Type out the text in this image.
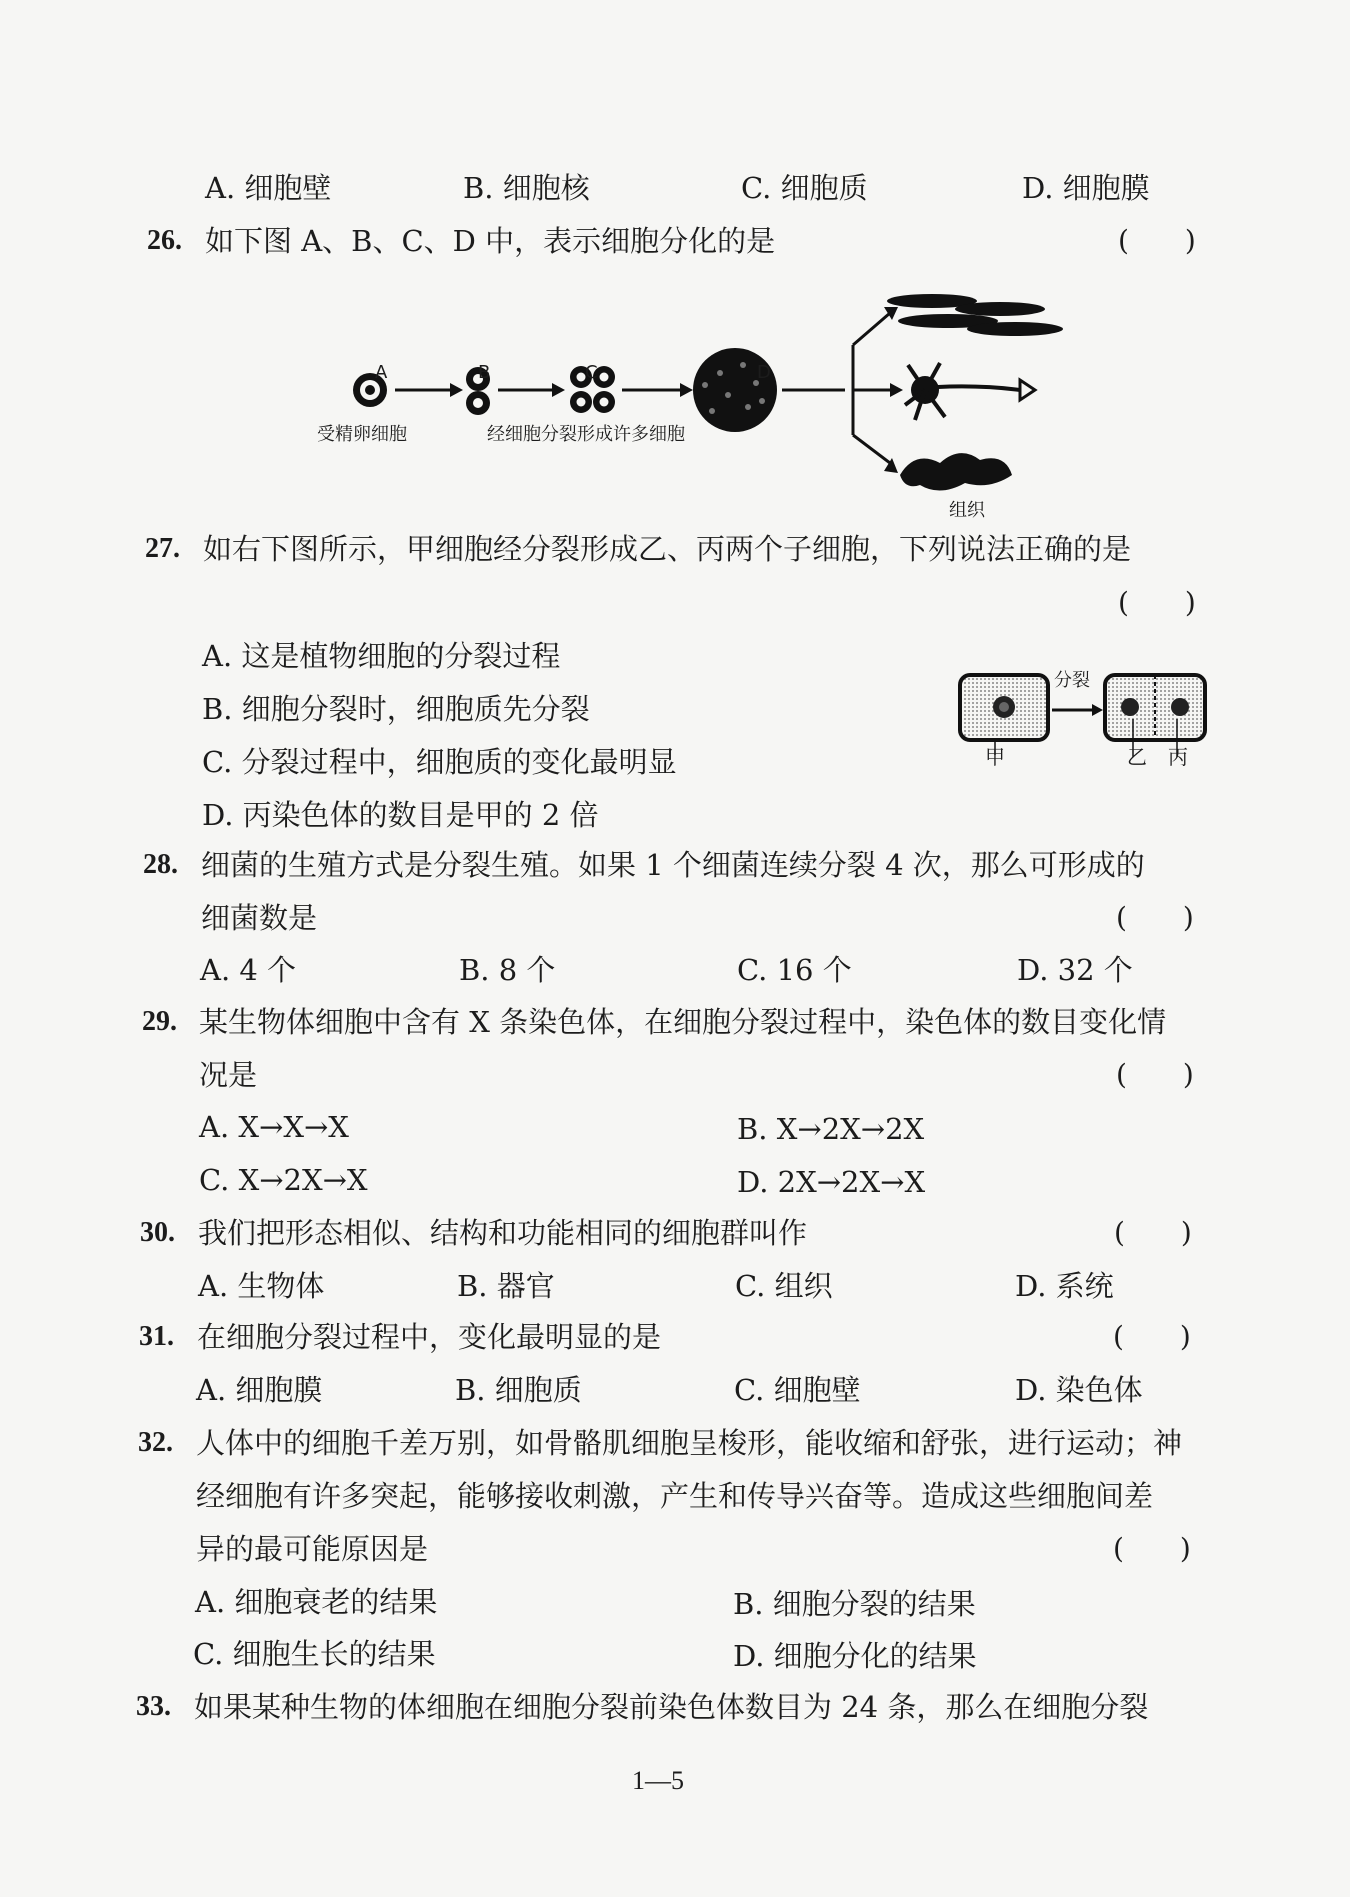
A. 细胞壁	B. 细胞核	C. 细胞质	D. 细胞膜
26. 如下图 A、B、C、D 中，表示细胞分化的是	(　　)
A	B	C	D
受精卵细胞	经细胞分裂形成许多细胞
组织
27. 如右下图所示，甲细胞经分裂形成乙、丙两个子细胞，下列说法正确的是
(　　)
A. 这是植物细胞的分裂过程
B. 细胞分裂时，细胞质先分裂
C. 分裂过程中，细胞质的变化最明显
D. 丙染色体的数目是甲的 2 倍
分裂
甲	乙 丙
28. 细菌的生殖方式是分裂生殖。如果 1 个细菌连续分裂 4 次，那么可形成的
细菌数是	(　　)
A. 4 个	B. 8 个	C. 16 个	D. 32 个
29. 某生物体细胞中含有 X 条染色体，在细胞分裂过程中，染色体的数目变化情
况是	(　　)
A. X→X→X	B. X→2X→2X
C. X→2X→X	D. 2X→2X→X
30. 我们把形态相似、结构和功能相同的细胞群叫作	(　　)
A. 生物体	B. 器官	C. 组织	D. 系统
31. 在细胞分裂过程中，变化最明显的是	(　　)
A. 细胞膜	B. 细胞质	C. 细胞壁	D. 染色体
32. 人体中的细胞千差万别，如骨骼肌细胞呈梭形，能收缩和舒张，进行运动；神
经细胞有许多突起，能够接收刺激，产生和传导兴奋等。造成这些细胞间差
异的最可能原因是	(　　)
A. 细胞衰老的结果	B. 细胞分裂的结果
C. 细胞生长的结果	D. 细胞分化的结果
33. 如果某种生物的体细胞在细胞分裂前染色体数目为 24 条，那么在细胞分裂
1—5
